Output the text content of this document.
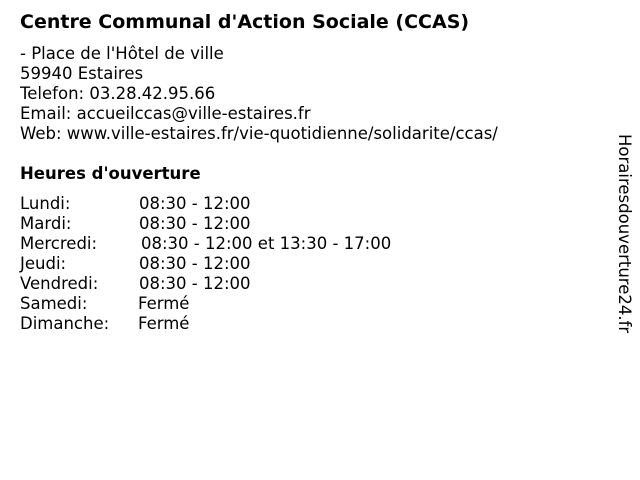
Centre Communal d'Action Sociale (CCAS)
- Place de l'Hôtel de ville
59940 Estaires
Telefon: 03.28.42.95.66
Email: accueilccas@ville-estaires.fr
Web: www.ville-estaires.fr/vie-quotidienne/solidarite/ccas/
Heures d'ouverture
Lundi:	08:30 - 12:00
Mardi:	08:30 - 12:00
Mercredi:	08:30 - 12:00 et 13:30 - 17:00
Jeudi:	08:30 - 12:00
Vendredi: 08:30 - 12:00
Samedi:	Fermé
Dimanche: Fermé	Horairesdouverture24.fr
